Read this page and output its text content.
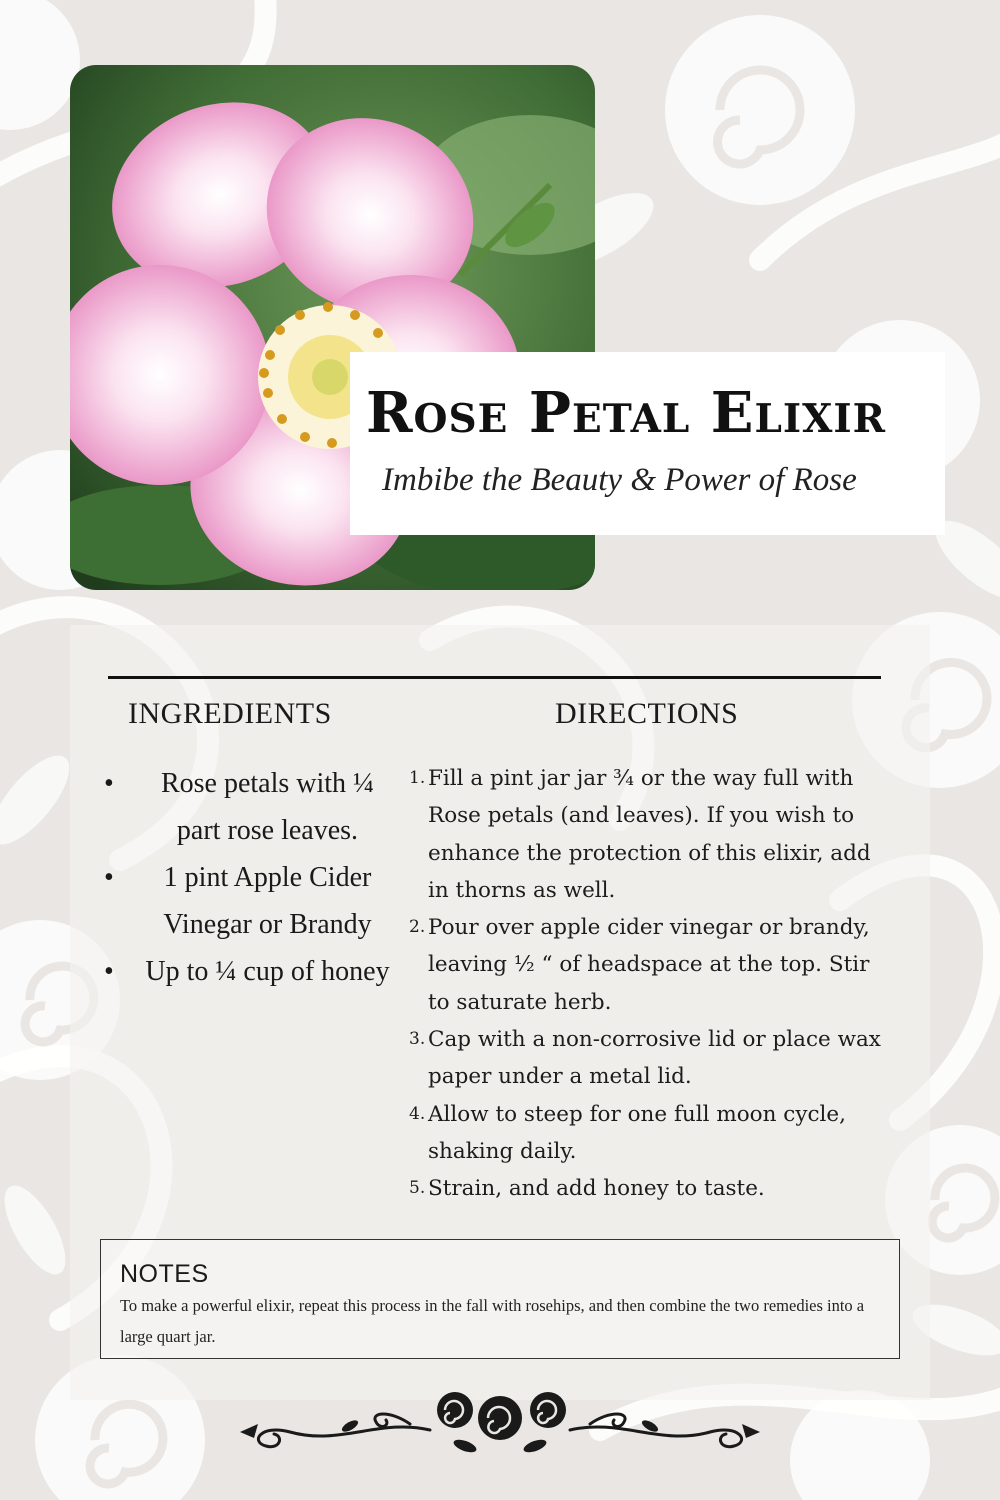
Rose Petal Elixir

Imbibe the Beauty & Power of Rose

INGREDIENTS	DIRECTIONS
• Rose petals with ¼ part rose leaves.
• 1 pint Apple Cider Vinegar or Brandy
• Up to ¼ cup of honey
1. Fill a pint jar jar ¾ or the way full with Rose petals (and leaves). If you wish to enhance the protection of this elixir, add in thorns as well.
2. Pour over apple cider vinegar or brandy, leaving ½ “ of headspace at the top. Stir to saturate herb.
3. Cap with a non-corrosive lid or place wax paper under a metal lid.
4. Allow to steep for one full moon cycle, shaking daily.
5. Strain, and add honey to taste.
NOTES

To make a powerful elixir, repeat this process in the fall with rosehips, and then combine the two remedies into a large quart jar.
